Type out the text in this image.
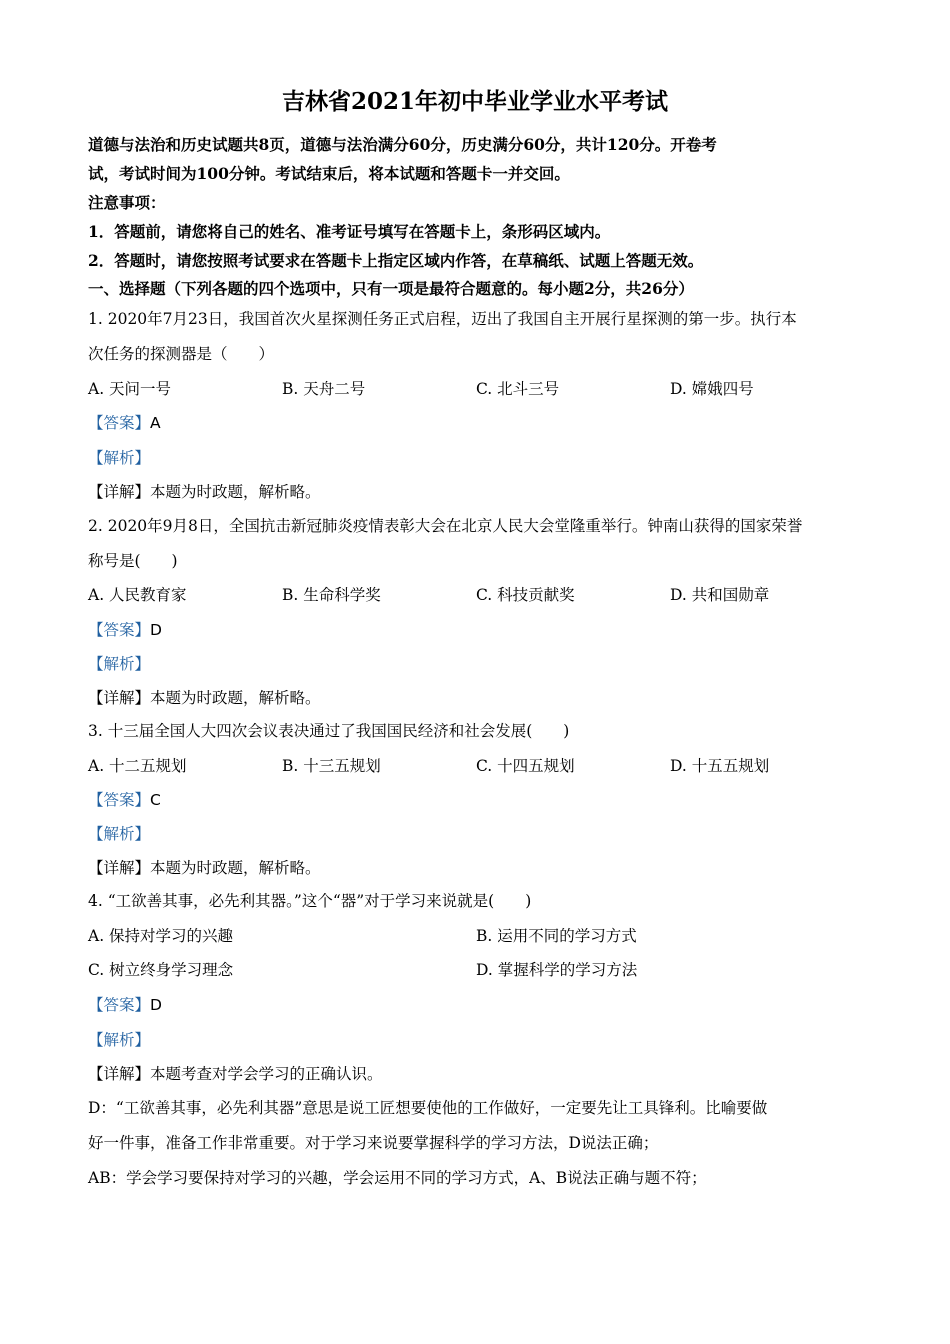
吉林省2021年初中毕业学业水平考试
道德与法治和历史试题共8页，道德与法治满分60分，历史满分60分，共计120分。开卷考
试，考试时间为100分钟。考试结束后，将本试题和答题卡一并交回。
注意事项：
1．答题前，请您将自己的姓名、准考证号填写在答题卡上，条形码区域内。
2．答题时，请您按照考试要求在答题卡上指定区域内作答，在草稿纸、试题上答题无效。
一、选择题（下列各题的四个选项中，只有一项是最符合题意的。每小题2分，共26分）
1. 2020年7月23日，我国首次火星探测任务正式启程，迈出了我国自主开展行星探测的第一步。执行本
次任务的探测器是（　　）
A. 天问一号	B. 天舟二号	C. 北斗三号	D. 嫦娥四号
【答案】A
【解析】
【详解】本题为时政题，解析略。
2. 2020年9月8日，全国抗击新冠肺炎疫情表彰大会在北京人民大会堂隆重举行。钟南山获得的国家荣誉
称号是(　　)
A. 人民教育家	B. 生命科学奖	C. 科技贡献奖	D. 共和国勋章
【答案】D
【解析】
【详解】本题为时政题，解析略。
3. 十三届全国人大四次会议表决通过了我国国民经济和社会发展(　　)
A. 十二五规划	B. 十三五规划	C. 十四五规划	D. 十五五规划
【答案】C
【解析】
【详解】本题为时政题，解析略。
4. “工欲善其事，必先利其器。”这个“器”对于学习来说就是(　　)
A. 保持对学习的兴趣	B. 运用不同的学习方式
C. 树立终身学习理念	D. 掌握科学的学习方法
【答案】D
【解析】
【详解】本题考查对学会学习的正确认识。
D：“工欲善其事，必先利其器”意思是说工匠想要使他的工作做好，一定要先让工具锋利。比喻要做
好一件事，准备工作非常重要。对于学习来说要掌握科学的学习方法，D说法正确；
AB：学会学习要保持对学习的兴趣，学会运用不同的学习方式，A、B说法正确与题不符；
